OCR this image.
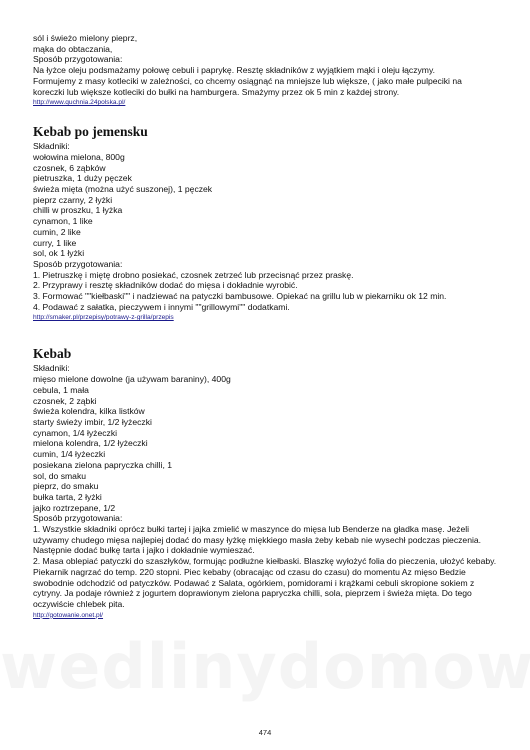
sól i świeżo mielony pieprz,
mąka do obtaczania,
Sposób przygotowania:
Na łyżce oleju podsmażamy połowę cebuli i paprykę. Resztę składników z wyjątkiem mąki i oleju łączymy.
Formujemy z masy kotleciki w zależności, co chcemy osiągnąć na mniejsze lub większe, ( jako małe pulpeciki na
koreczki lub większe kotleciki do bułki na hamburgera. Smażymy przez ok 5 min z każdej strony.
http://www.quchnia.24polska.pl/
Kebab po jemensku
Składniki:
wołowina mielona, 800g
czosnek, 6 ząbków
pietruszka, 1 duży pęczek
świeża mięta (można użyć suszonej), 1 pęczek
pieprz czarny, 2 łyżki
chilli w proszku, 1 łyżka
cynamon, 1 like
cumin, 2 like
curry, 1 like
sol, ok 1 łyżki
Sposób przygotowania:
1. Pietruszkę i miętę drobno posiekać, czosnek zetrzeć lub przecisnąć przez praskę.
2. Przyprawy i resztę składników dodać do mięsa i dokładnie wyrobić.
3. Formować ""kiełbaski"" i nadziewać na patyczki bambusowe. Opiekać na grillu lub w piekarniku ok 12 min.
4. Podawać z sałatka, pieczywem i innymi ""grillowymi"" dodatkami.
http://smaker.pl/przepisy/potrawy-z-grilla/przepis
Kebab
Składniki:
mięso mielone dowolne (ja używam baraniny), 400g
cebula, 1 mała
czosnek, 2 ząbki
świeża kolendra, kilka listków
starty świeży imbir, 1/2 łyżeczki
cynamon, 1/4 łyżeczki
mielona kolendra, 1/2 łyżeczki
cumin, 1/4 łyżeczki
posiekana zielona papryczka chilli, 1
sol, do smaku
pieprz, do smaku
bułka tarta, 2 łyżki
jajko roztrzepane, 1/2
Sposób przygotowania:
1. Wszystkie składniki oprócz bułki tartej i jajka zmielić w maszynce do mięsa lub Benderze na gładka masę. Jeżeli używamy chudego mięsa najlepiej dodać do masy łyżkę miękkiego masła żeby kebab nie wysechł podczas pieczenia. Następnie dodać bułkę tarta i jajko i dokładnie wymieszać.
2. Masa oblepiać patyczki do szaszłyków, formując podłużne kiełbaski. Blaszkę wyłożyć folia do pieczenia, ułożyć kebaby. Piekarnik nagrzać do temp. 220 stopni. Piec kebaby (obracając od czasu do czasu) do momentu Az mięso Bedzie swobodnie odchodzić od patyczków. Podawać z Salata, ogórkiem, pomidorami i krążkami cebuli skropione sokiem z cytryny. Ja podaje również z jogurtem doprawionym zielona papryczka chilli, sola, pieprzem i świeża mięta. Do tego oczywiście chlebek pita.
http://gotowanie.onet.pl/
474
